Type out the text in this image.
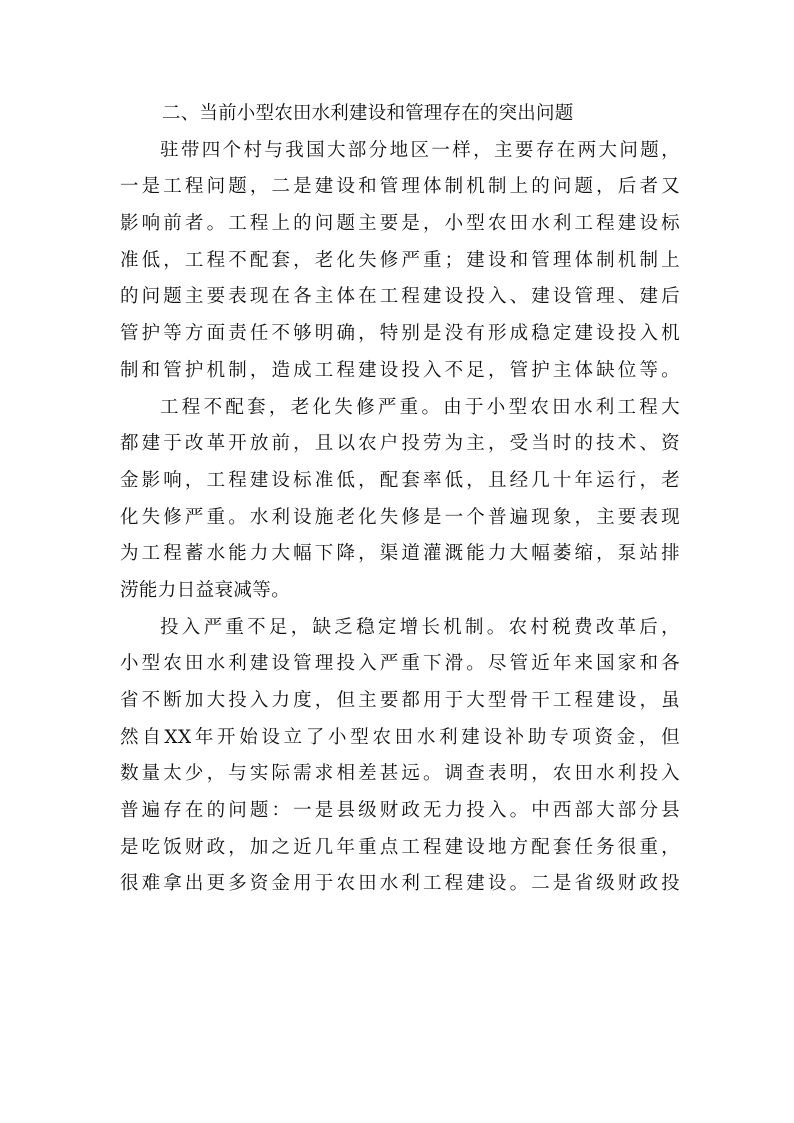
二、当前小型农田水利建设和管理存在的突出问题
驻带四个村与我国大部分地区一样，主要存在两大问题，
一是工程问题，二是建设和管理体制机制上的问题，后者又
影响前者。工程上的问题主要是，小型农田水利工程建设标
准低，工程不配套，老化失修严重；建设和管理体制机制上
的问题主要表现在各主体在工程建设投入、建设管理、建后
管护等方面责任不够明确，特别是没有形成稳定建设投入机
制和管护机制，造成工程建设投入不足，管护主体缺位等。
工程不配套，老化失修严重。由于小型农田水利工程大
都建于改革开放前，且以农户投劳为主，受当时的技术、资
金影响，工程建设标准低，配套率低，且经几十年运行，老
化失修严重。水利设施老化失修是一个普遍现象，主要表现
为工程蓄水能力大幅下降，渠道灌溉能力大幅萎缩，泵站排
涝能力日益衰减等。
投入严重不足，缺乏稳定增长机制。农村税费改革后，
小型农田水利建设管理投入严重下滑。尽管近年来国家和各
省不断加大投入力度，但主要都用于大型骨干工程建设，虽
然自XX年开始设立了小型农田水利建设补助专项资金，但
数量太少，与实际需求相差甚远。调查表明，农田水利投入
普遍存在的问题：一是县级财政无力投入。中西部大部分县
是吃饭财政，加之近几年重点工程建设地方配套任务很重，
很难拿出更多资金用于农田水利工程建设。二是省级财政投
